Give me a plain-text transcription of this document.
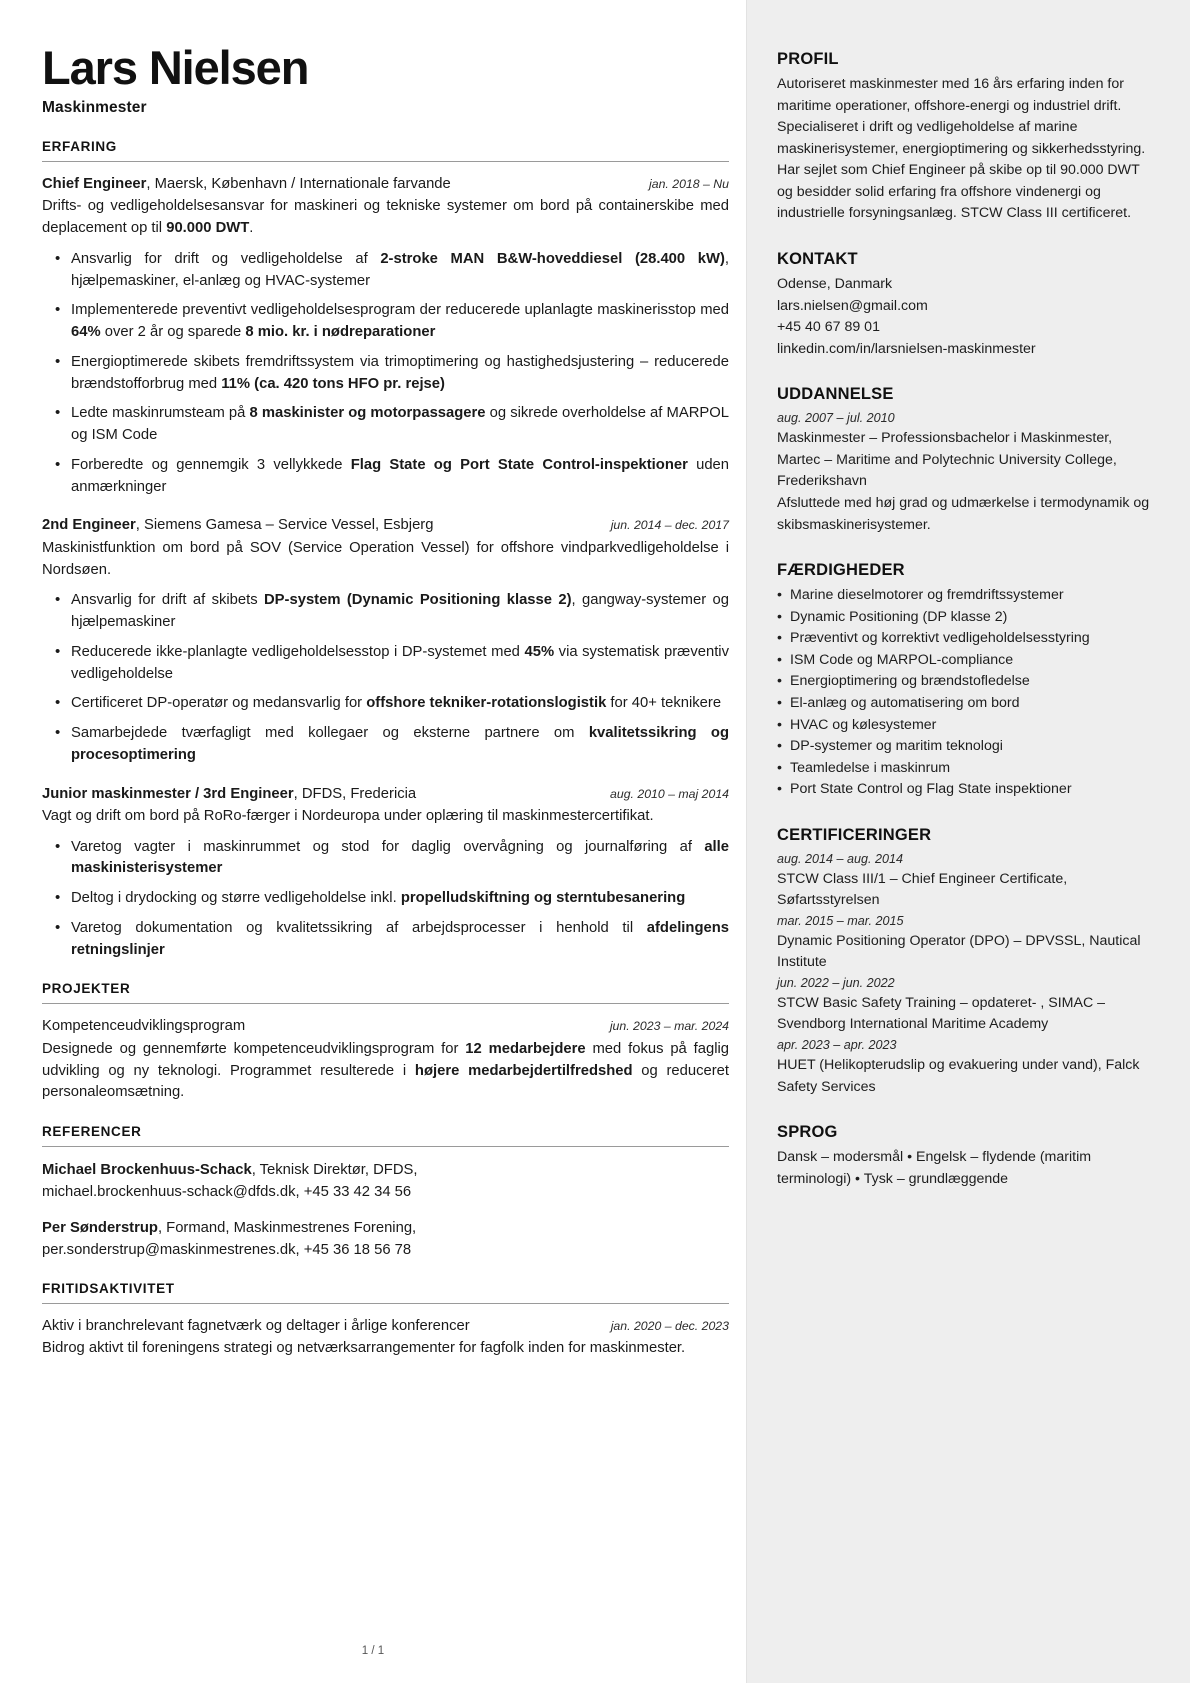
Lars Nielsen
Maskinmester
ERFARING
Chief Engineer, Maersk, København / Internationale farvande	jan. 2018 – Nu
Drifts- og vedligeholdelsesansvar for maskineri og tekniske systemer om bord på containerskibe med deplacement op til 90.000 DWT.
• Ansvarlig for drift og vedligeholdelse af 2-stroke MAN B&W-hoveddiesel (28.400 kW), hjælpemaskiner, el-anlæg og HVAC-systemer
• Implementerede preventivt vedligeholdelsesprogram der reducerede uplanlagte maskinerisstop med 64% over 2 år og sparede 8 mio. kr. i nødreparationer
• Energioptimerede skibets fremdriftssystem via trimoptimering og hastighedsjustering – reducerede brændstofforbrug med 11% (ca. 420 tons HFO pr. rejse)
• Ledte maskinrumsteam på 8 maskinister og motorpassagere og sikrede overholdelse af MARPOL og ISM Code
• Forberedte og gennemgik 3 vellykkede Flag State og Port State Control-inspektioner uden anmærkninger
2nd Engineer, Siemens Gamesa – Service Vessel, Esbjerg	jun. 2014 – dec. 2017
Maskinistfunktion om bord på SOV (Service Operation Vessel) for offshore vindparkvedligeholdelse i Nordsøen.
• Ansvarlig for drift af skibets DP-system (Dynamic Positioning klasse 2), gangway-systemer og hjælpemaskiner
• Reducerede ikke-planlagte vedligeholdelsesstop i DP-systemet med 45% via systematisk præventiv vedligeholdelse
• Certificeret DP-operatør og medansvarlig for offshore tekniker-rotationslogistik for 40+ teknikere
• Samarbejdede tværfagligt med kollegaer og eksterne partnere om kvalitetssikring og procesoptimering
Junior maskinmester / 3rd Engineer, DFDS, Fredericia	aug. 2010 – maj 2014
Vagt og drift om bord på RoRo-færger i Nordeuropa under oplæring til maskinmestercertifikat.
• Varetog vagter i maskinrummet og stod for daglig overvågning og journalføring af alle maskinisterisystemer
• Deltog i drydocking og større vedligeholdelse inkl. propelludskiftning og sterntubesanering
• Varetog dokumentation og kvalitetssikring af arbejdsprocesser i henhold til afdelingens retningslinjer
PROJEKTER
Kompetenceudviklingsprogram	jun. 2023 – mar. 2024
Designede og gennemførte kompetenceudviklingsprogram for 12 medarbejdere med fokus på faglig udvikling og ny teknologi. Programmet resulterede i højere medarbejdertilfredshed og reduceret personaleomsætning.
REFERENCER
Michael Brockenhuus-Schack, Teknisk Direktør, DFDS,
michael.brockenhuus-schack@dfds.dk, +45 33 42 34 56
Per Sønderstrup, Formand, Maskinmestrenes Forening,
per.sonderstrup@maskinmestrenes.dk, +45 36 18 56 78
FRITIDSAKTIVITET
Aktiv i branchrelevant fagnetværk og deltager i årlige konferencer	jan. 2020 – dec. 2023
Bidrog aktivt til foreningens strategi og netværksarrangementer for fagfolk inden for maskinmester.
1 / 1
PROFIL
Autoriseret maskinmester med 16 års erfaring inden for maritime operationer, offshore-energi og industriel drift. Specialiseret i drift og vedligeholdelse af marine maskinerisystemer, energioptimering og sikkerhedsstyring. Har sejlet som Chief Engineer på skibe op til 90.000 DWT og besidder solid erfaring fra offshore vindenergi og industrielle forsyningsanlæg. STCW Class III certificeret.
KONTAKT
Odense, Danmark
lars.nielsen@gmail.com
+45 40 67 89 01
linkedin.com/in/larsnielsen-maskinmester
UDDANNELSE
aug. 2007 – jul. 2010
Maskinmester – Professionsbachelor i Maskinmester, Martec – Maritime and Polytechnic University College, Frederikshavn
Afsluttede med høj grad og udmærkelse i termodynamik og skibsmaskinerisystemer.
FÆRDIGHEDER
• Marine dieselmotorer og fremdriftssystemer
• Dynamic Positioning (DP klasse 2)
• Præventivt og korrektivt vedligeholdelsesstyring
• ISM Code og MARPOL-compliance
• Energioptimering og brændstofledelse
• El-anlæg og automatisering om bord
• HVAC og kølesystemer
• DP-systemer og maritim teknologi
• Teamledelse i maskinrum
• Port State Control og Flag State inspektioner
CERTIFICERINGER
aug. 2014 – aug. 2014
STCW Class III/1 – Chief Engineer Certificate, Søfartsstyrelsen
mar. 2015 – mar. 2015
Dynamic Positioning Operator (DPO) – DPVSSL, Nautical Institute
jun. 2022 – jun. 2022
STCW Basic Safety Training – opdateret- , SIMAC – Svendborg International Maritime Academy
apr. 2023 – apr. 2023
HUET (Helikopterudslip og evakuering under vand), Falck Safety Services
SPROG
Dansk – modersmål • Engelsk – flydende (maritim terminologi) • Tysk – grundlæggende
